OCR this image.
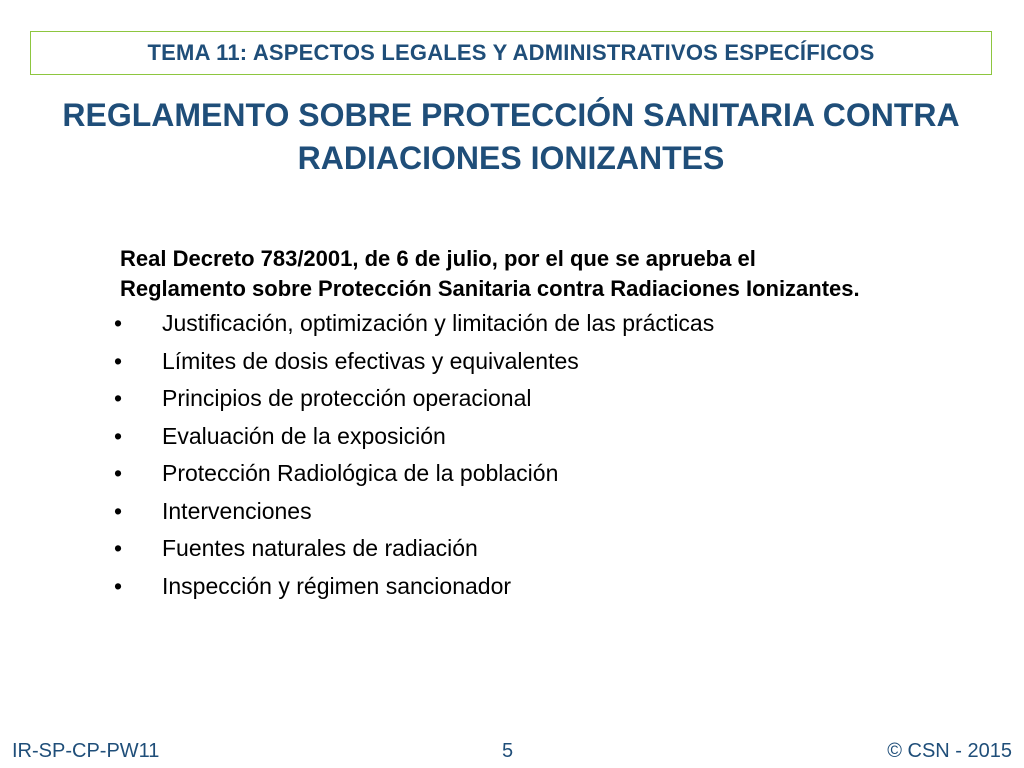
TEMA 11: ASPECTOS LEGALES Y ADMINISTRATIVOS ESPECÍFICOS
REGLAMENTO SOBRE PROTECCIÓN SANITARIA CONTRA
RADIACIONES IONIZANTES
Real Decreto 783/2001, de 6 de julio, por el que se aprueba el
Reglamento sobre Protección Sanitaria contra Radiaciones Ionizantes.
•	Justificación, optimización y limitación de las prácticas
•	Límites de dosis efectivas y equivalentes
•	Principios de protección operacional
•	Evaluación de la exposición
•	Protección Radiológica de la población
•	Intervenciones
•	Fuentes naturales de radiación
•	Inspección y régimen sancionador
IR-SP-CP-PW11	5	© CSN - 2015
